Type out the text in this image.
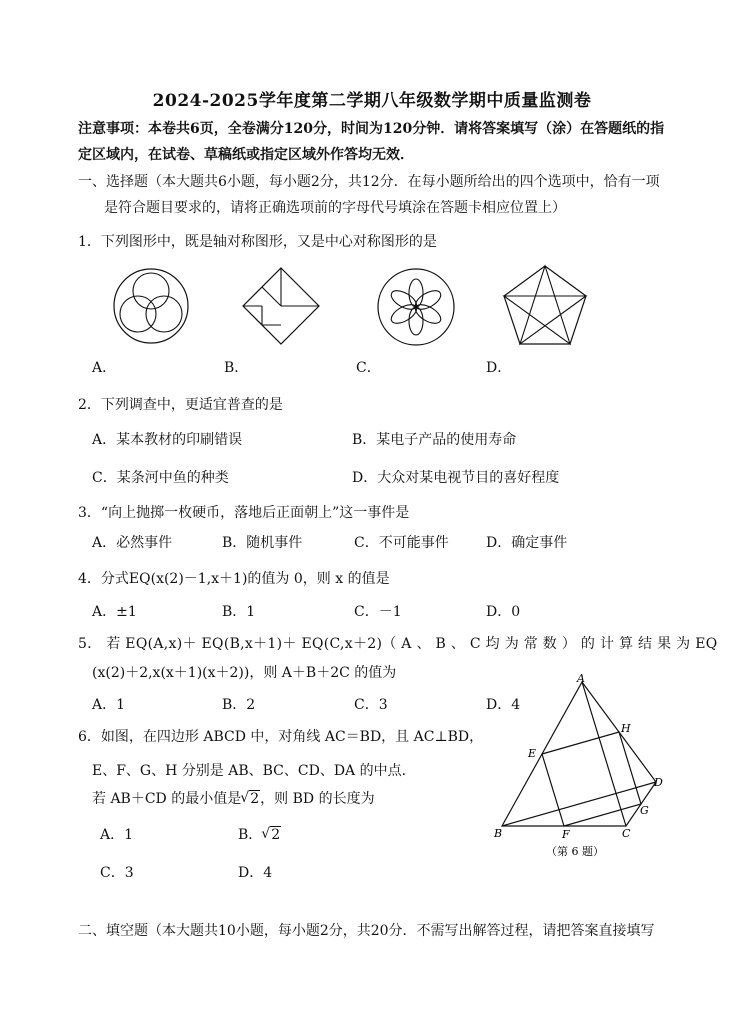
2024-2025学年度第二学期八年级数学期中质量监测卷
注意事项：本卷共6页，全卷满分120分，时间为120分钟．请将答案填写（涂）在答题纸的指
定区域内，在试卷、草稿纸或指定区域外作答均无效．
一、选择题（本大题共6小题，每小题2分，共12分．在每小题所给出的四个选项中，恰有一项
是符合题目要求的，请将正确选项前的字母代号填涂在答题卡相应位置上）
1．下列图形中，既是轴对称图形，又是中心对称图形的是
A．	B．	C．	D．
2．下列调查中，更适宜普查的是
A．某本教材的印刷错误	B．某电子产品的使用寿命
C．某条河中鱼的种类	D．大众对某电视节目的喜好程度
3．“向上抛掷一枚硬币，落地后正面朝上”这一事件是
A．必然事件	B．随机事件	C．不可能事件	D．确定事件
4．分式EQ(x(2)－1,x＋1)的值为 0，则 x 的值是
A．±1	B．1	C．－1	D．0
5． 若 EQ(A,x)＋ EQ(B,x＋1)＋ EQ(C,x＋2)（ A 、 B 、 C 均 为 常 数 ） 的 计 算 结 果 为 EQ
(x(2)＋2,x(x＋1)(x＋2))，则 A＋B＋2C 的值为
A．1	B．2	C．3	D．4
6．如图，在四边形 ABCD 中，对角线 AC＝BD，且 AC⊥BD，
E、F、G、H 分别是 AB、BC、CD、DA 的中点．
若 AB＋CD 的最小值是 √ 2，则 BD 的长度为
A．1	B． √ 2
C．3	D．4
A
B	C
D
E
F
G
H
（第 6 题）
二、填空题（本大题共10小题，每小题2分，共20分．不需写出解答过程，请把答案直接填写
